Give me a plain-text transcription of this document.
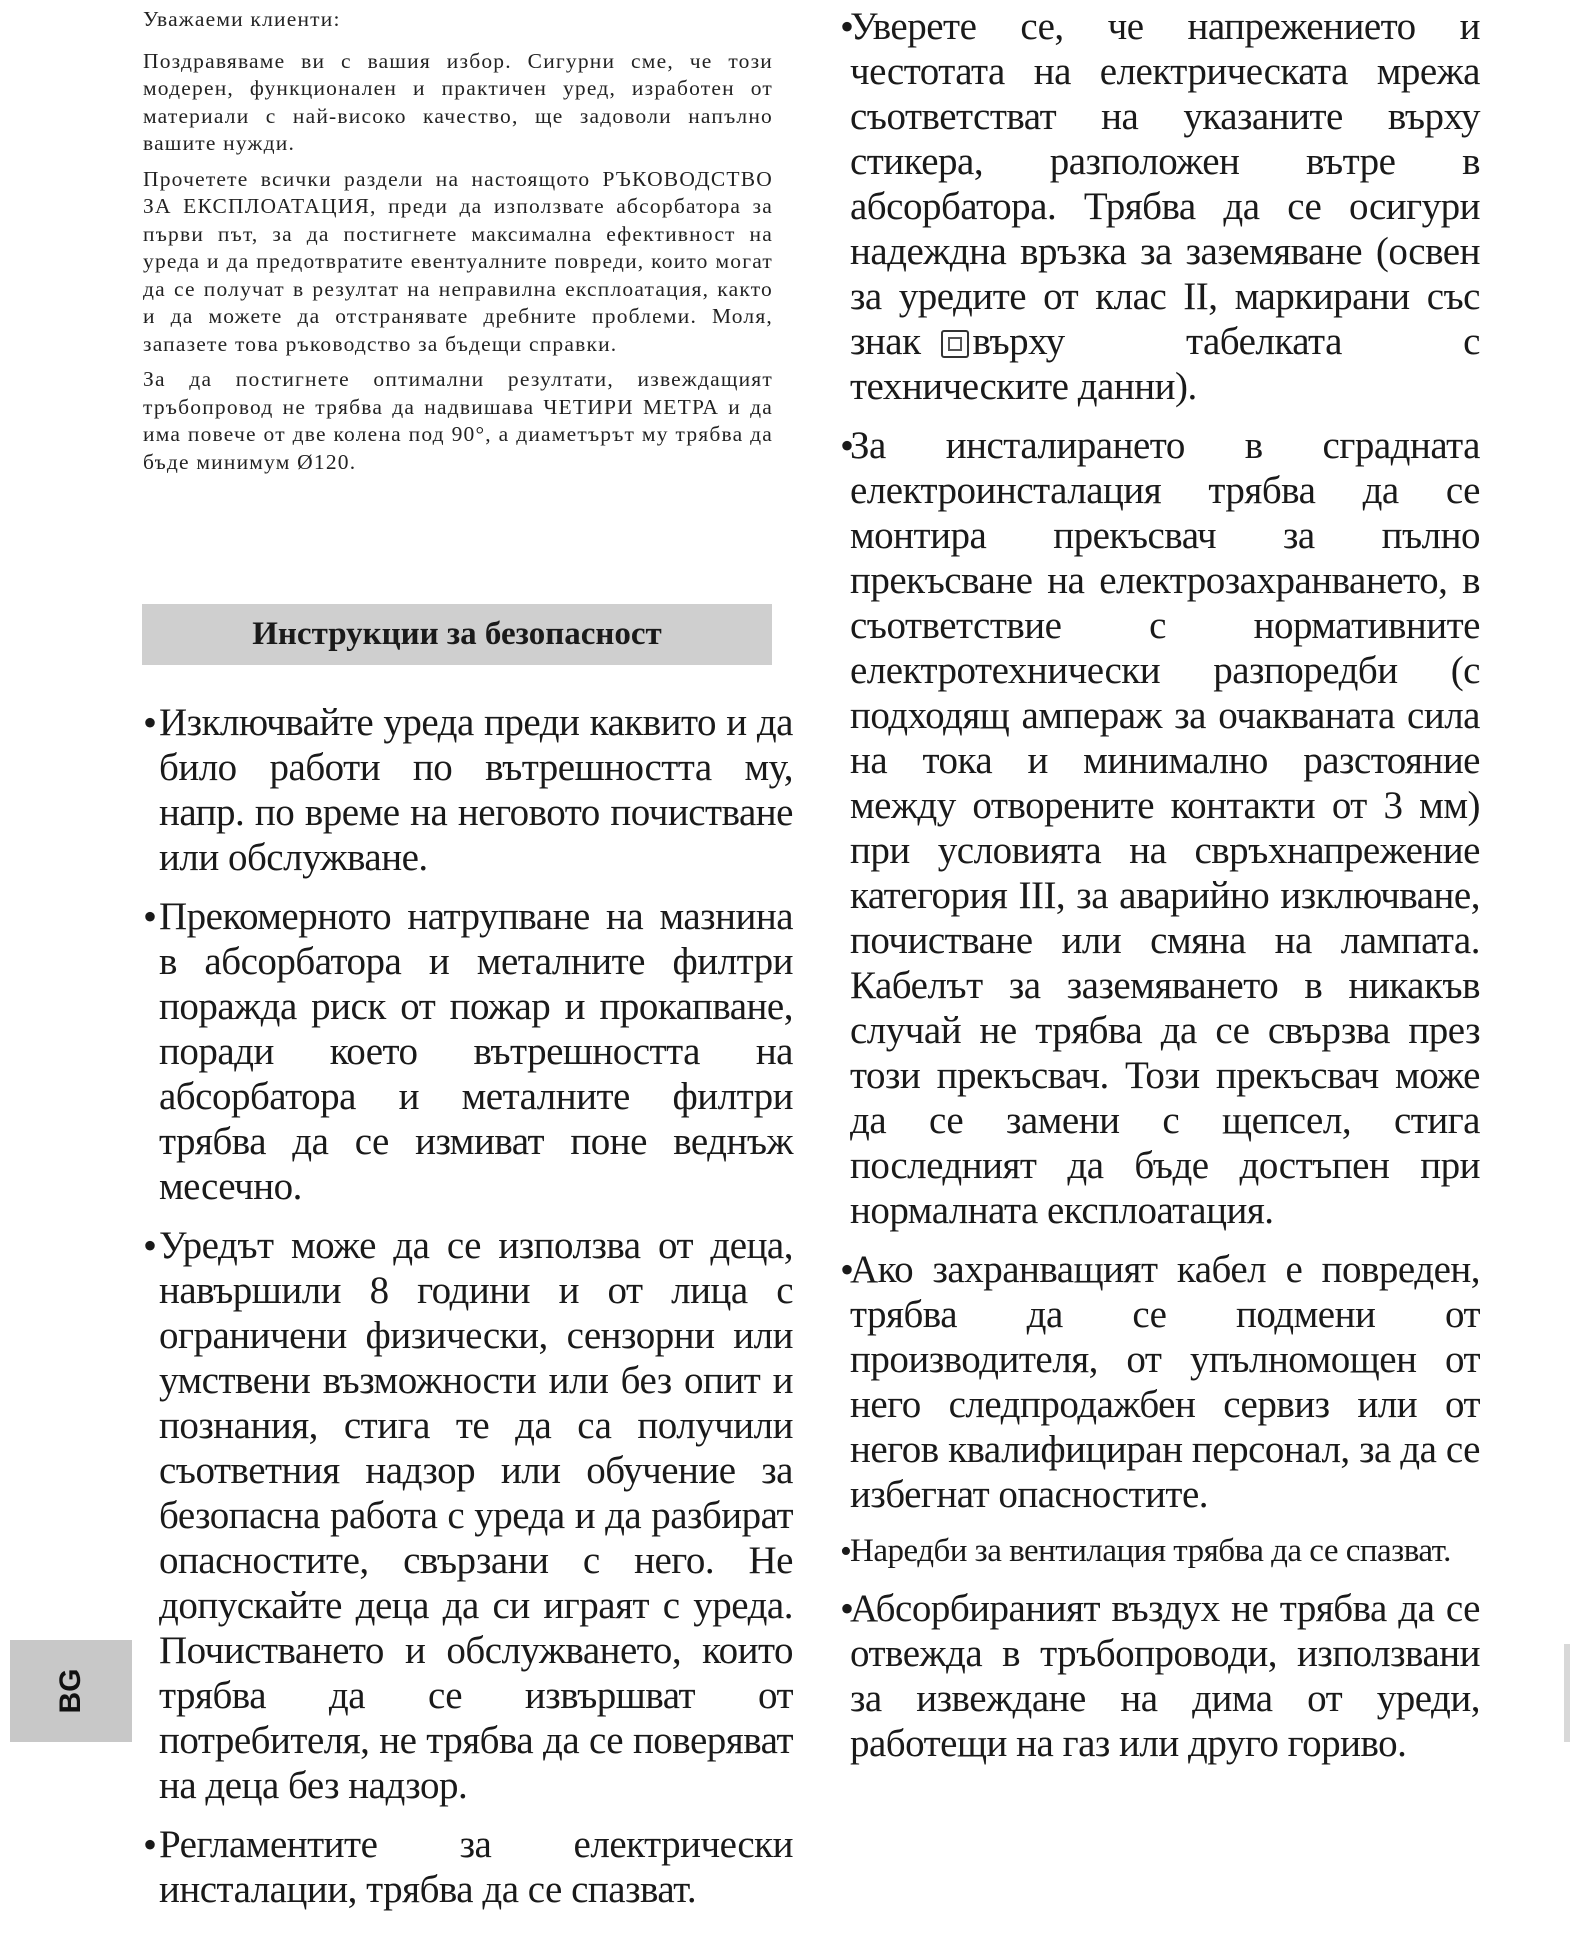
Уважаеми клиенти:

Поздравяваме ви с вашия избор. Сигурни сме, че този модерен, функционален и практичен уред, изработен от материали с най-високо качество, ще задоволи напълно вашите нужди.

Прочетете всички раздели на настоящото РЪКОВОДСТВО ЗА ЕКСПЛОАТАЦИЯ, преди да използвате абсорбатора за първи път, за да постигнете максимална ефективност на уреда и да предотвратите евентуалните повреди, които могат да се получат в резултат на неправилна експлоатация, както и да можете да отстранявате дребните проблеми. Моля, запазете това ръководство за бъдещи справки.

За да постигнете оптимални резултати, извеждащият тръбопровод не трябва да надвишава ЧЕТИРИ МЕТРА и да има повече от две колена под 90°, а диаметърът му трябва да бъде минимум Ø120.

Инструкции за безопасност
• Изключвайте уреда преди каквито и да било работи по вътрешността му, напр. по време на неговото почистване или обслужване.
• Прекомерното натрупване на мазнина в абсорбатора и металните филтри поражда риск от пожар и прокапване, поради което вътрешността на абсорбатора и металните филтри трябва да се измиват поне веднъж месечно.
• Уредът може да се използва от деца, навършили 8 години и от лица с ограничени физически, сензорни или умствени възможности или без опит и познания, стига те да са получили съответния надзор или обучение за безопасна работа с уреда и да разбират опасностите, свързани с него. Не допускайте деца да си играят с уреда. Почистването и обслужването, които трябва да се извършват от потребителя, не трябва да се поверяват на деца без надзор.
• Регламентите за електрически инсталации, трябва да се спазват.
•
Уверете се, че напрежението и честотата на електрическата мрежа съответстват на указаните върху стикера, разположен вътре в абсорбатора. Трябва да се осигури надеждна връзка за заземяване (освен за уредите от клас II, маркирани със знак върху табелката с техническите данни).
•
За инсталирането в сградната електроинсталация трябва да се монтира прекъсвач за пълно прекъсване на електрозахранването, в съответствие с нормативните електротехнически разпоредби (с подходящ ампераж за очакваната сила на тока и минимално разстояние между отворените контакти от 3 мм) при условията на свръхнапрежение категория III, за аварийно изключване, почистване или смяна на лампата. Кабелът за заземяването в никакъв случай не трябва да се свързва през този прекъсвач. Този прекъсвач може да се замени с щепсел, стига последният да бъде достъпен при нормалната експлоатация.
•
Ако захранващият кабел е повреден, трябва да се подмени от производителя, от упълномощен от него следпродажбен сервиз или от негов квалифициран персонал, за да се избегнат опасностите.
•
Наредби за вентилация трябва да се спазват.
•
Абсорбираният въздух не трябва да се отвежда в тръбопроводи, използвани за извеждане на дима от уреди, работещи на газ или друго гориво.
BG
